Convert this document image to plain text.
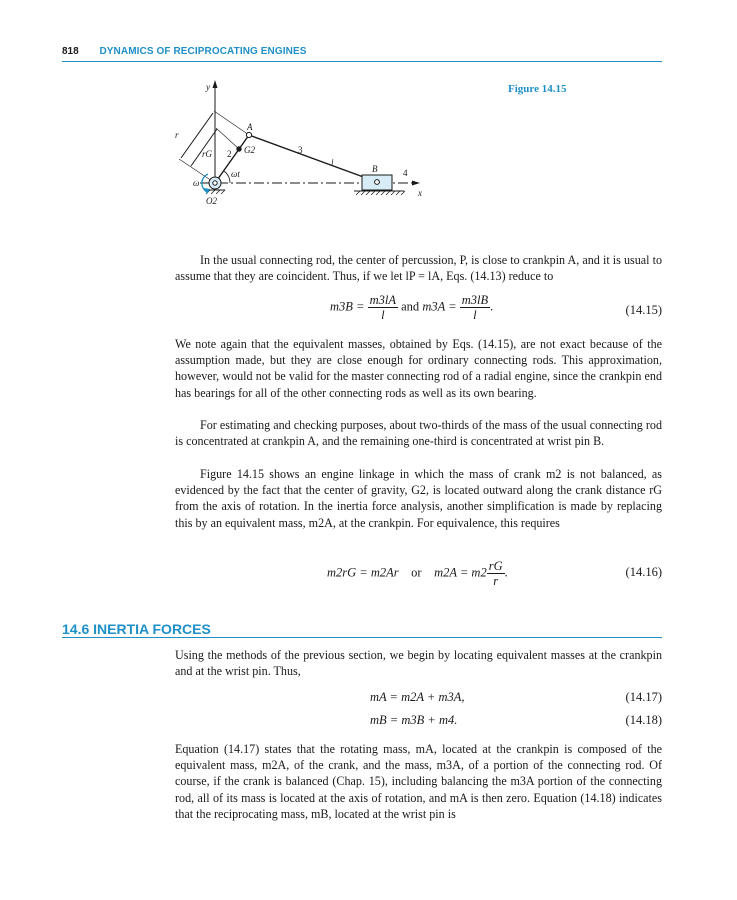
818 DYNAMICS OF RECIPROCATING ENGINES
Figure 14.15
y
A
r
rG 2 G2	3
l
B	4
ω
ωt
O2
x

In the usual connecting rod, the center of percussion, P, is close to crankpin A, and it is usual to assume that they are coincident. Thus, if we let lP = lA, Eqs. (14.13) reduce to

$m3B = \frac{m3lA}{l}$ and $m3A = \frac{m3lB}{l}$ .	(14.15)

We note again that the equivalent masses, obtained by Eqs. (14.15), are not exact because of the assumption made, but they are close enough for ordinary connecting rods. This approximation, however, would not be valid for the master connecting rod of a radial engine, since the crankpin end has bearings for all of the other connecting rods as well as its own bearing.

For estimating and checking purposes, about two-thirds of the mass of the usual connecting rod is concentrated at crankpin A, and the remaining one-third is concentrated at wrist pin B.

Figure 14.15 shows an engine linkage in which the mass of crank m2 is not balanced, as evidenced by the fact that the center of gravity, G2, is located outward along the crank distance rG from the axis of rotation. In the inertia force analysis, another simplification is made by replacing this by an equivalent mass, m2A, at the crankpin. For equivalence, this requires

m2rG = m2Ar or $m2A = m2 \frac{rG}{r}$ .	(14.16)
14.6 INERTIA FORCES

Using the methods of the previous section, we begin by locating equivalent masses at the crankpin and at the wrist pin. Thus,

mA = m2A + m3A,	(14.17)
mB = m3B + m4.	(14.18)

Equation (14.17) states that the rotating mass, mA, located at the crankpin is composed of the equivalent mass, m2A, of the crank, and the mass, m3A, of a portion of the connecting rod. Of course, if the crank is balanced (Chap. 15), including balancing the m3A portion of the connecting rod, all of its mass is located at the axis of rotation, and mA is then zero. Equation (14.18) indicates that the reciprocating mass, mB, located at the wrist pin is
